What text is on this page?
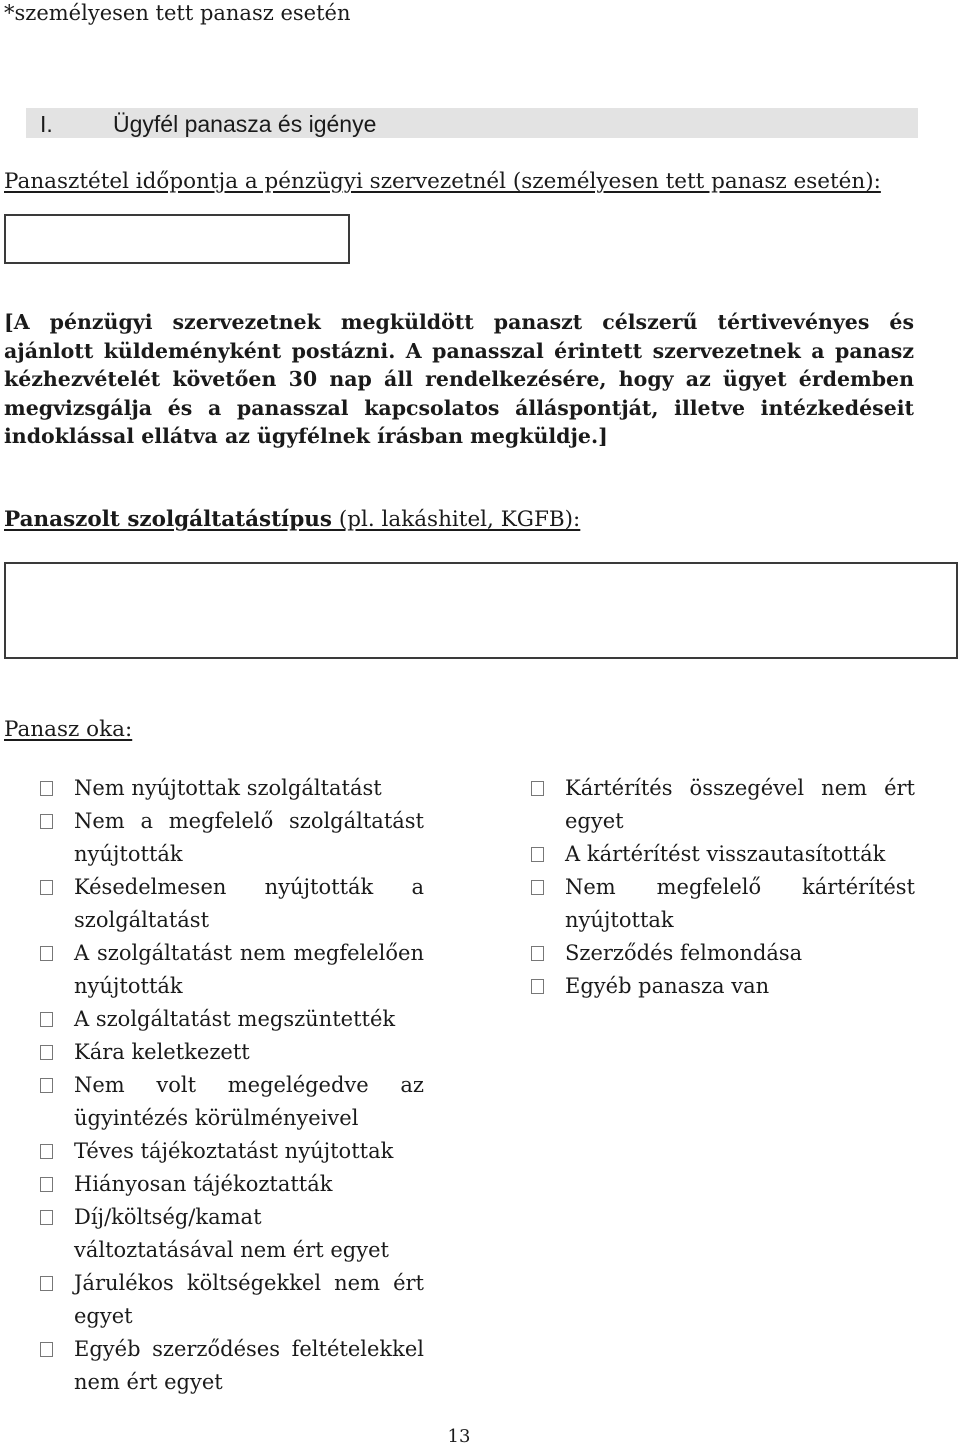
*személyesen tett panasz esetén
I.	Ügyfél panasza és igénye
Panasztétel időpontja a pénzügyi szervezetnél (személyesen tett panasz esetén):
[A pénzügyi szervezetnek megküldött panaszt célszerű tértivevényes és ajánlott küldeményként postázni. A panasszal érintett szervezetnek a panasz kézhezvételét követően 30 nap áll rendelkezésére, hogy az ügyet érdemben megvizsgálja és a panasszal kapcsolatos álláspontját, illetve intézkedéseit indoklással ellátva az ügyfélnek írásban megküldje.]
Panaszolt szolgáltatástípus (pl. lakáshitel, KGFB):
Panasz oka:
Nem nyújtottak szolgáltatást
Nem a megfelelő szolgáltatást nyújtották
Késedelmesen nyújtották a szolgáltatást
A szolgáltatást nem megfelelően nyújtották
A szolgáltatást megszüntették
Kára keletkezett
Nem volt megelégedve az ügyintézés körülményeivel
Téves tájékoztatást nyújtottak
Hiányosan tájékoztatták
Díj/költség/kamat változtatásával nem ért egyet
Járulékos költségekkel nem ért egyet
Egyéb szerződéses feltételekkel nem ért egyet
Kártérítés összegével nem ért egyet
A kártérítést visszautasították
Nem megfelelő kártérítést nyújtottak
Szerződés felmondása
Egyéb panasza van
13
